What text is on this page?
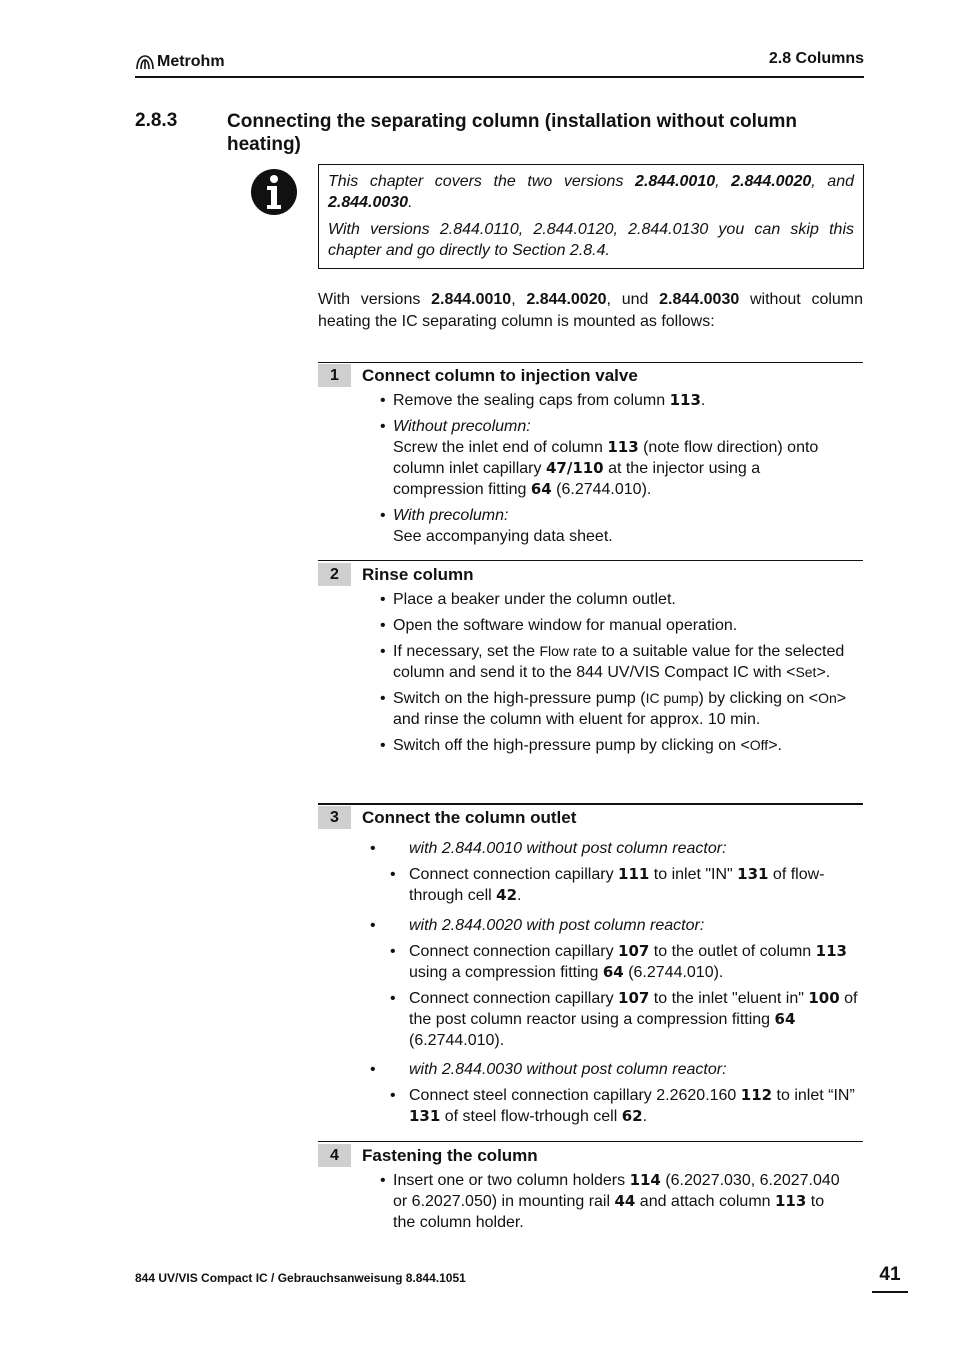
Metrohm	2.8 Columns
2.8.3	Connecting the separating column (installation without column heating)

This chapter covers the two versions 2.844.0010, 2.844.0020, and 2.844.0030.

With versions 2.844.0110, 2.844.0120, 2.844.0130 you can skip this chapter and go directly to Section 2.8.4.

With versions 2.844.0010, 2.844.0020, und 2.844.0030 without column heating the IC separating column is mounted as follows:
1	Connect column to injection valve
• Remove the sealing caps from column 113.
• Without precolumn:
Screw the inlet end of column 113 (note flow direction) onto column inlet capillary 47/110 at the injector using a compression fitting 64 (6.2744.010).
• With precolumn:
See accompanying data sheet.
2	Rinse column
• Place a beaker under the column outlet.
• Open the software window for manual operation.
• If necessary, set the Flow rate to a suitable value for the selected column and send it to the 844 UV/VIS Compact IC with <Set>.
• Switch on the high-pressure pump (IC pump) by clicking on <On> and rinse the column with eluent for approx. 10 min.
• Switch off the high-pressure pump by clicking on <Off>.
3	Connect the column outlet
• with 2.844.0010 without post column reactor:
• Connect connection capillary 111 to inlet "IN" 131 of flow-through cell 42.
• with 2.844.0020 with post column reactor:
• Connect connection capillary 107 to the outlet of column 113 using a compression fitting 64 (6.2744.010).
• Connect connection capillary 107 to the inlet "eluent in" 100 of the post column reactor using a compression fitting 64 (6.2744.010).
• with 2.844.0030 without post column reactor:
• Connect steel connection capillary 2.2620.160 112 to inlet “IN” 131 of steel flow-trhough cell 62.
4	Fastening the column
• Insert one or two column holders 114 (6.2027.030, 6.2027.040 or 6.2027.050) in mounting rail 44 and attach column 113 to the column holder.
844 UV/VIS Compact IC / Gebrauchsanweisung 8.844.1051	41
